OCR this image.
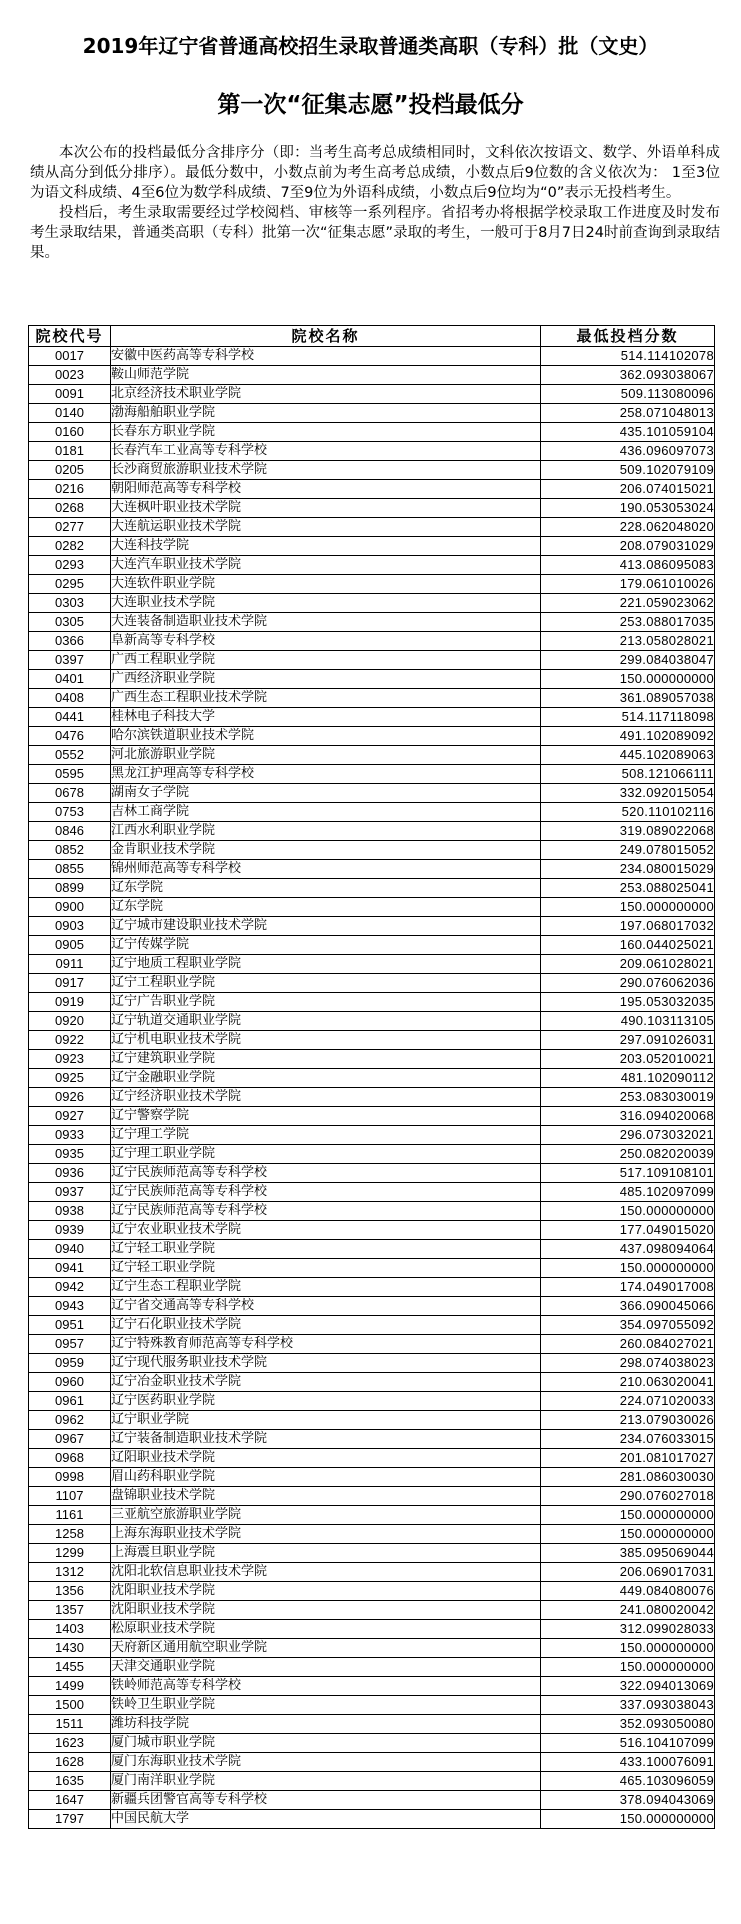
2019年辽宁省普通高校招生录取普通类高职（专科）批（文史）
第一次“征集志愿”投档最低分

本次公布的投档最低分含排序分（即：当考生高考总成绩相同时，文科依次按语文、数学、外语单科成绩从高分到低分排序）。最低分数中，小数点前为考生高考总成绩，小数点后9位数的含义依次为： 1至3位为语文科成绩、4至6位为数学科成绩、7至9位为外语科成绩，小数点后9位均为“0”表示无投档考生。

投档后，考生录取需要经过学校阅档、审核等一系列程序。省招考办将根据学校录取工作进度及时发布考生录取结果，普通类高职（专科）批第一次“征集志愿”录取的考生，一般可于8月7日24时前查询到录取结果。

院校代号	院校名称	最低投档分数
0017	安徽中医药高等专科学校	514.114102078
0023	鞍山师范学院	362.093038067
0091	北京经济技术职业学院	509.113080096
0140	渤海船舶职业学院	258.071048013
0160	长春东方职业学院	435.101059104
0181	长春汽车工业高等专科学校	436.096097073
0205	长沙商贸旅游职业技术学院	509.102079109
0216	朝阳师范高等专科学校	206.074015021
0268	大连枫叶职业技术学院	190.053053024
0277	大连航运职业技术学院	228.062048020
0282	大连科技学院	208.079031029
0293	大连汽车职业技术学院	413.086095083
0295	大连软件职业学院	179.061010026
0303	大连职业技术学院	221.059023062
0305	大连装备制造职业技术学院	253.088017035
0366	阜新高等专科学校	213.058028021
0397	广西工程职业学院	299.084038047
0401	广西经济职业学院	150.000000000
0408	广西生态工程职业技术学院	361.089057038
0441	桂林电子科技大学	514.117118098
0476	哈尔滨铁道职业技术学院	491.102089092
0552	河北旅游职业学院	445.102089063
0595	黑龙江护理高等专科学校	508.121066111
0678	湖南女子学院	332.092015054
0753	吉林工商学院	520.110102116
0846	江西水利职业学院	319.089022068
0852	金肯职业技术学院	249.078015052
0855	锦州师范高等专科学校	234.080015029
0899	辽东学院	253.088025041
0900	辽东学院	150.000000000
0903	辽宁城市建设职业技术学院	197.068017032
0905	辽宁传媒学院	160.044025021
0911	辽宁地质工程职业学院	209.061028021
0917	辽宁工程职业学院	290.076062036
0919	辽宁广告职业学院	195.053032035
0920	辽宁轨道交通职业学院	490.103113105
0922	辽宁机电职业技术学院	297.091026031
0923	辽宁建筑职业学院	203.052010021
0925	辽宁金融职业学院	481.102090112
0926	辽宁经济职业技术学院	253.083030019
0927	辽宁警察学院	316.094020068
0933	辽宁理工学院	296.073032021
0935	辽宁理工职业学院	250.082020039
0936	辽宁民族师范高等专科学校	517.109108101
0937	辽宁民族师范高等专科学校	485.102097099
0938	辽宁民族师范高等专科学校	150.000000000
0939	辽宁农业职业技术学院	177.049015020
0940	辽宁轻工职业学院	437.098094064
0941	辽宁轻工职业学院	150.000000000
0942	辽宁生态工程职业学院	174.049017008
0943	辽宁省交通高等专科学校	366.090045066
0951	辽宁石化职业技术学院	354.097055092
0957	辽宁特殊教育师范高等专科学校	260.084027021
0959	辽宁现代服务职业技术学院	298.074038023
0960	辽宁冶金职业技术学院	210.063020041
0961	辽宁医药职业学院	224.071020033
0962	辽宁职业学院	213.079030026
0967	辽宁装备制造职业技术学院	234.076033015
0968	辽阳职业技术学院	201.081017027
0998	眉山药科职业学院	281.086030030
1107	盘锦职业技术学院	290.076027018
1161	三亚航空旅游职业学院	150.000000000
1258	上海东海职业技术学院	150.000000000
1299	上海震旦职业学院	385.095069044
1312	沈阳北软信息职业技术学院	206.069017031
1356	沈阳职业技术学院	449.084080076
1357	沈阳职业技术学院	241.080020042
1403	松原职业技术学院	312.099028033
1430	天府新区通用航空职业学院	150.000000000
1455	天津交通职业学院	150.000000000
1499	铁岭师范高等专科学校	322.094013069
1500	铁岭卫生职业学院	337.093038043
1511	潍坊科技学院	352.093050080
1623	厦门城市职业学院	516.104107099
1628	厦门东海职业技术学院	433.100076091
1635	厦门南洋职业学院	465.103096059
1647	新疆兵团警官高等专科学校	378.094043069
1797	中国民航大学	150.000000000
